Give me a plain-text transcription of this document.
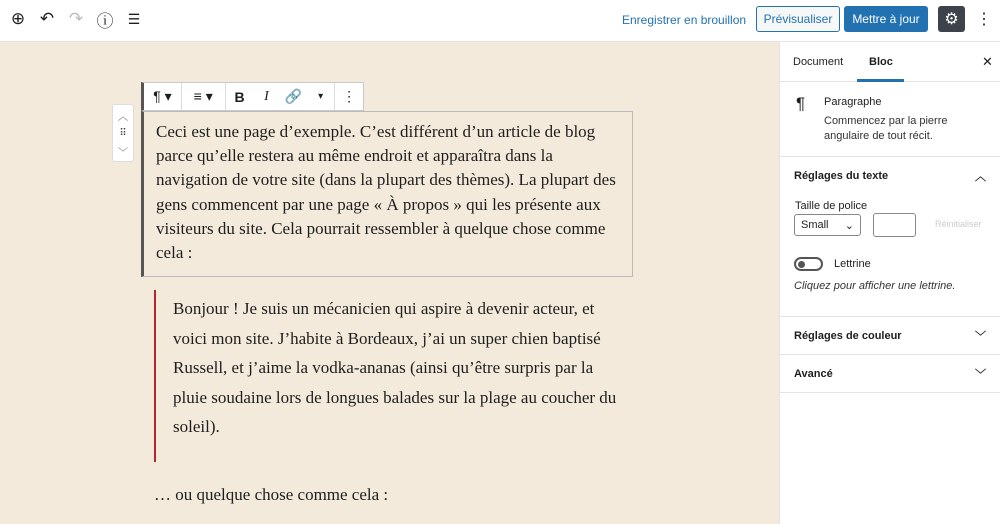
⊕ ↶ ↷ ⓘ ☰	Enregistrer en brouillon	Prévisualiser	Mettre à jour	⚙	⋮
¶ ▾	≡ ▾	B	I	🔗	▾	⋮
︿
⠿
﹀
Ceci est une page d’exemple. C’est différent d’un article de blog parce qu’elle restera au même endroit et apparaîtra dans la navigation de votre site (dans la plupart des thèmes). La plupart des gens commencent par une page « À propos » qui les présente aux visiteurs du site. Cela pourrait ressembler à quelque chose comme cela :
Bonjour ! Je suis un mécanicien qui aspire à devenir acteur, et voici mon site. J’habite à Bordeaux, j’ai un super chien baptisé Russell, et j’aime la vodka-ananas (ainsi qu’être surpris par la pluie soudaine lors de longues balades sur la plage au coucher du soleil).
… ou quelque chose comme cela :
Document Bloc	✕
¶ Paragraphe
Commencez par la pierre angulaire de tout récit.
Réglages du texte	︿
Taille de police
Small ⌄	Réinitialiser
Lettrine
Cliquez pour afficher une lettrine.
Réglages de couleur	﹀
Avancé	﹀
